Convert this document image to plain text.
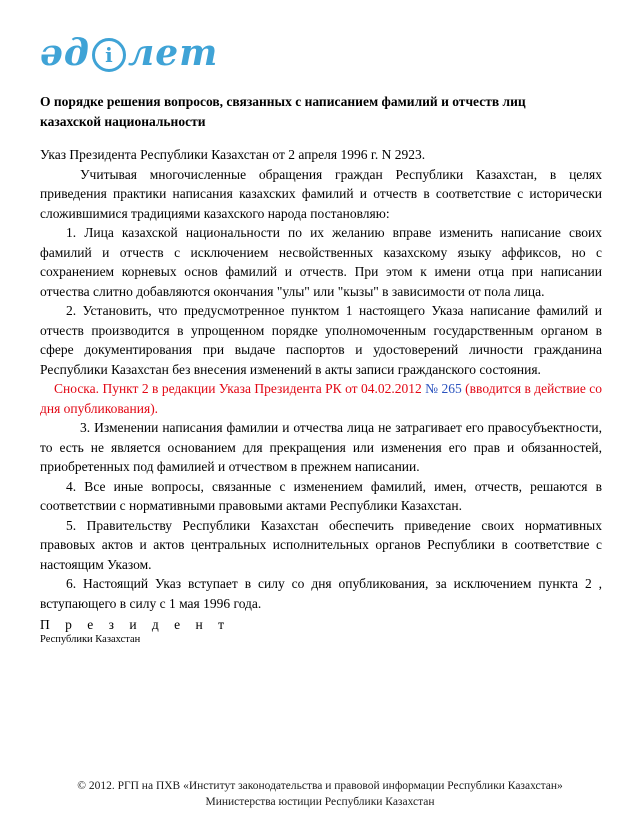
әд і лет
О порядке решения вопросов, связанных с написанием фамилий и отчеств лиц казахской национальности

Указ Президента Республики Казахстан от 2 апреля 1996 г. N 2923.

Учитывая многочисленные обращения граждан Республики Казахстан, в целях приведения практики написания казахских фамилий и отчеств в соответствие с исторически сложившимися традициями казахского народа постановляю:

1. Лица казахской национальности по их желанию вправе изменить написание своих фамилий и отчеств с исключением несвойственных казахскому языку аффиксов, но с сохранением корневых основ фамилий и отчеств. При этом к имени отца при написании отчества слитно добавляются окончания "улы" или "кызы" в зависимости от пола лица.

2. Установить, что предусмотренное пунктом 1 настоящего Указа написание фамилий и отчеств производится в упрощенном порядке уполномоченным государственным органом в сфере документирования при выдаче паспортов и удостоверений личности гражданина Республики Казахстан без внесения изменений в акты записи гражданского состояния.

Сноска. Пункт 2 в редакции Указа Президента РК от 04.02.2012 № 265 (вводится в действие со дня опубликования).

3. Изменении написания фамилии и отчества лица не затрагивает его правосубъектности, то есть не является основанием для прекращения или изменения его прав и обязанностей, приобретенных под фамилией и отчеством в прежнем написании.

4. Все иные вопросы, связанные с изменением фамилий, имен, отчеств, решаются в соответствии с нормативными правовыми актами Республики Казахстан.

5. Правительству Республики Казахстан обеспечить приведение своих нормативных правовых актов и актов центральных исполнительных органов Республики в соответствие с настоящим Указом.

6. Настоящий Указ вступает в силу со дня опубликования, за исключением пункта 2 , вступающего в силу с 1 мая 1996 года.

П р е з и д е н т
Республики Казахстан
© 2012. РГП на ПХВ «Институт законодательства и правовой информации Республики Казахстан»
Министерства юстиции Республики Казахстан
